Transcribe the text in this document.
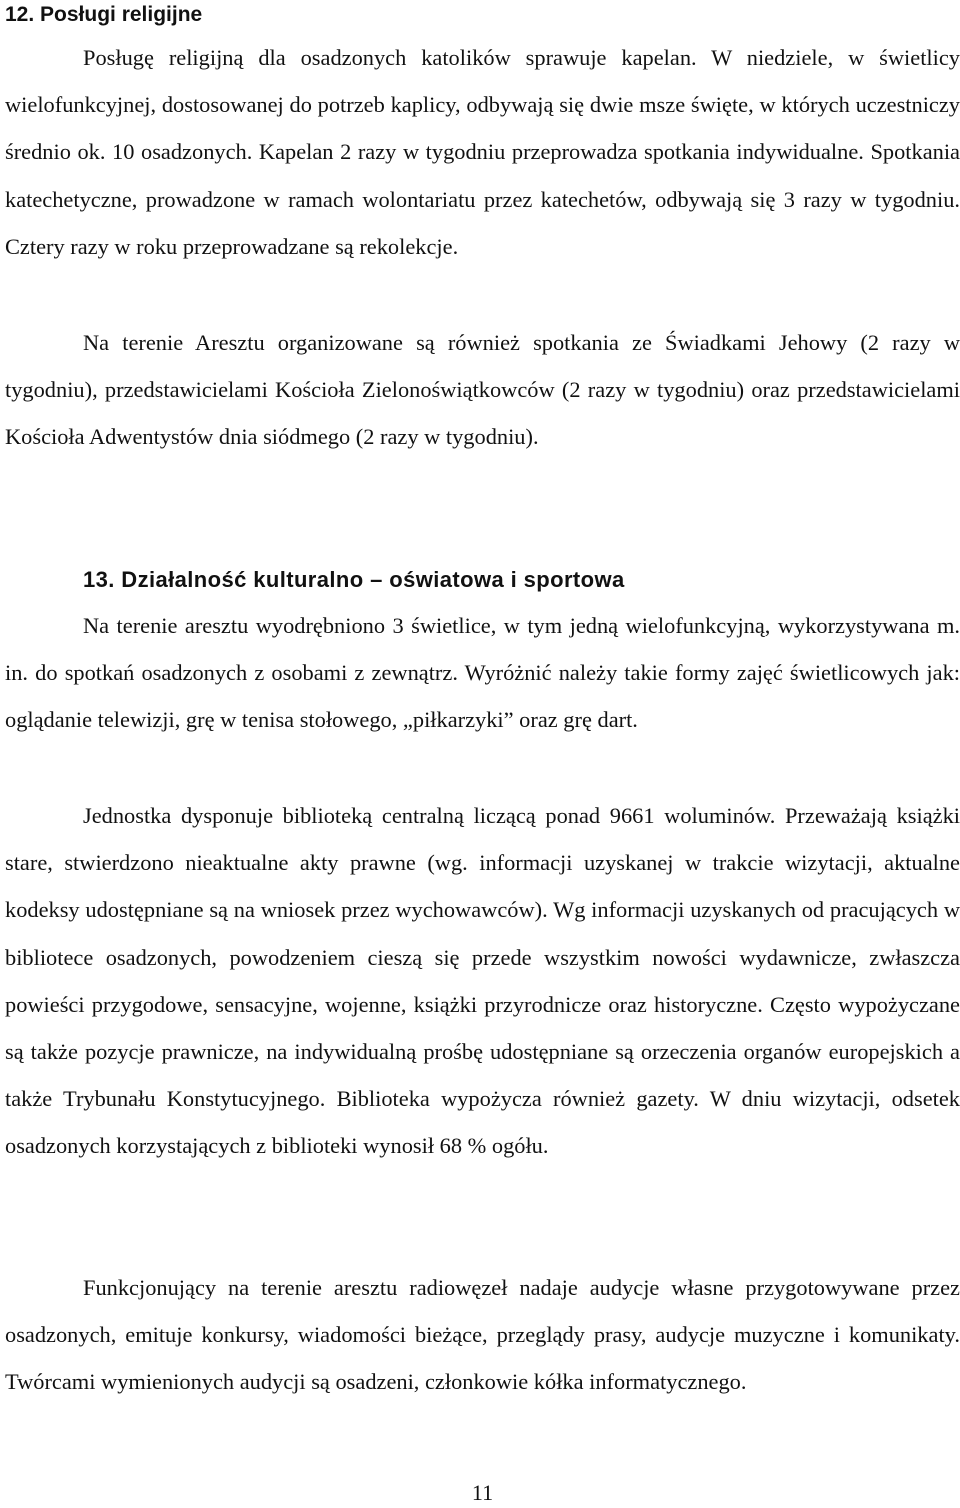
12. Posługi religijne

Posługę religijną dla osadzonych katolików sprawuje kapelan. W niedziele, w świetlicy wielofunkcyjnej, dostosowanej do potrzeb kaplicy, odbywają się dwie msze święte, w których uczestniczy średnio ok. 10 osadzonych. Kapelan 2 razy w tygodniu przeprowadza spotkania indywidualne. Spotkania katechetyczne, prowadzone w ramach wolontariatu przez katechetów, odbywają się 3 razy w tygodniu. Cztery razy w roku przeprowadzane są rekolekcje.

Na terenie Aresztu organizowane są również spotkania ze Świadkami Jehowy (2 razy w tygodniu), przedstawicielami Kościoła Zielonoświątkowców (2 razy w tygodniu) oraz przedstawicielami Kościoła Adwentystów dnia siódmego (2 razy w tygodniu).

13. Działalność kulturalno – oświatowa i sportowa

Na terenie aresztu wyodrębniono 3 świetlice, w tym jedną wielofunkcyjną, wykorzystywana m. in. do spotkań osadzonych z osobami z zewnątrz. Wyróżnić należy takie formy zajęć świetlicowych jak: oglądanie telewizji, grę w tenisa stołowego, „piłkarzyki” oraz grę dart.

Jednostka dysponuje biblioteką centralną liczącą ponad 9661 woluminów. Przeważają książki stare, stwierdzono nieaktualne akty prawne (wg. informacji uzyskanej w trakcie wizytacji, aktualne kodeksy udostępniane są na wniosek przez wychowawców). Wg informacji uzyskanych od pracujących w bibliotece osadzonych, powodzeniem cieszą się przede wszystkim nowości wydawnicze, zwłaszcza powieści przygodowe, sensacyjne, wojenne, książki przyrodnicze oraz historyczne. Często wypożyczane są także pozycje prawnicze, na indywidualną prośbę udostępniane są orzeczenia organów europejskich a także Trybunału Konstytucyjnego. Biblioteka wypożycza również gazety. W dniu wizytacji, odsetek osadzonych korzystających z biblioteki wynosił 68 % ogółu.

Funkcjonujący na terenie aresztu radiowęzeł nadaje audycje własne przygotowywane przez osadzonych, emituje konkursy, wiadomości bieżące, przeglądy prasy, audycje muzyczne i komunikaty. Twórcami wymienionych audycji są osadzeni, członkowie kółka informatycznego.

11
